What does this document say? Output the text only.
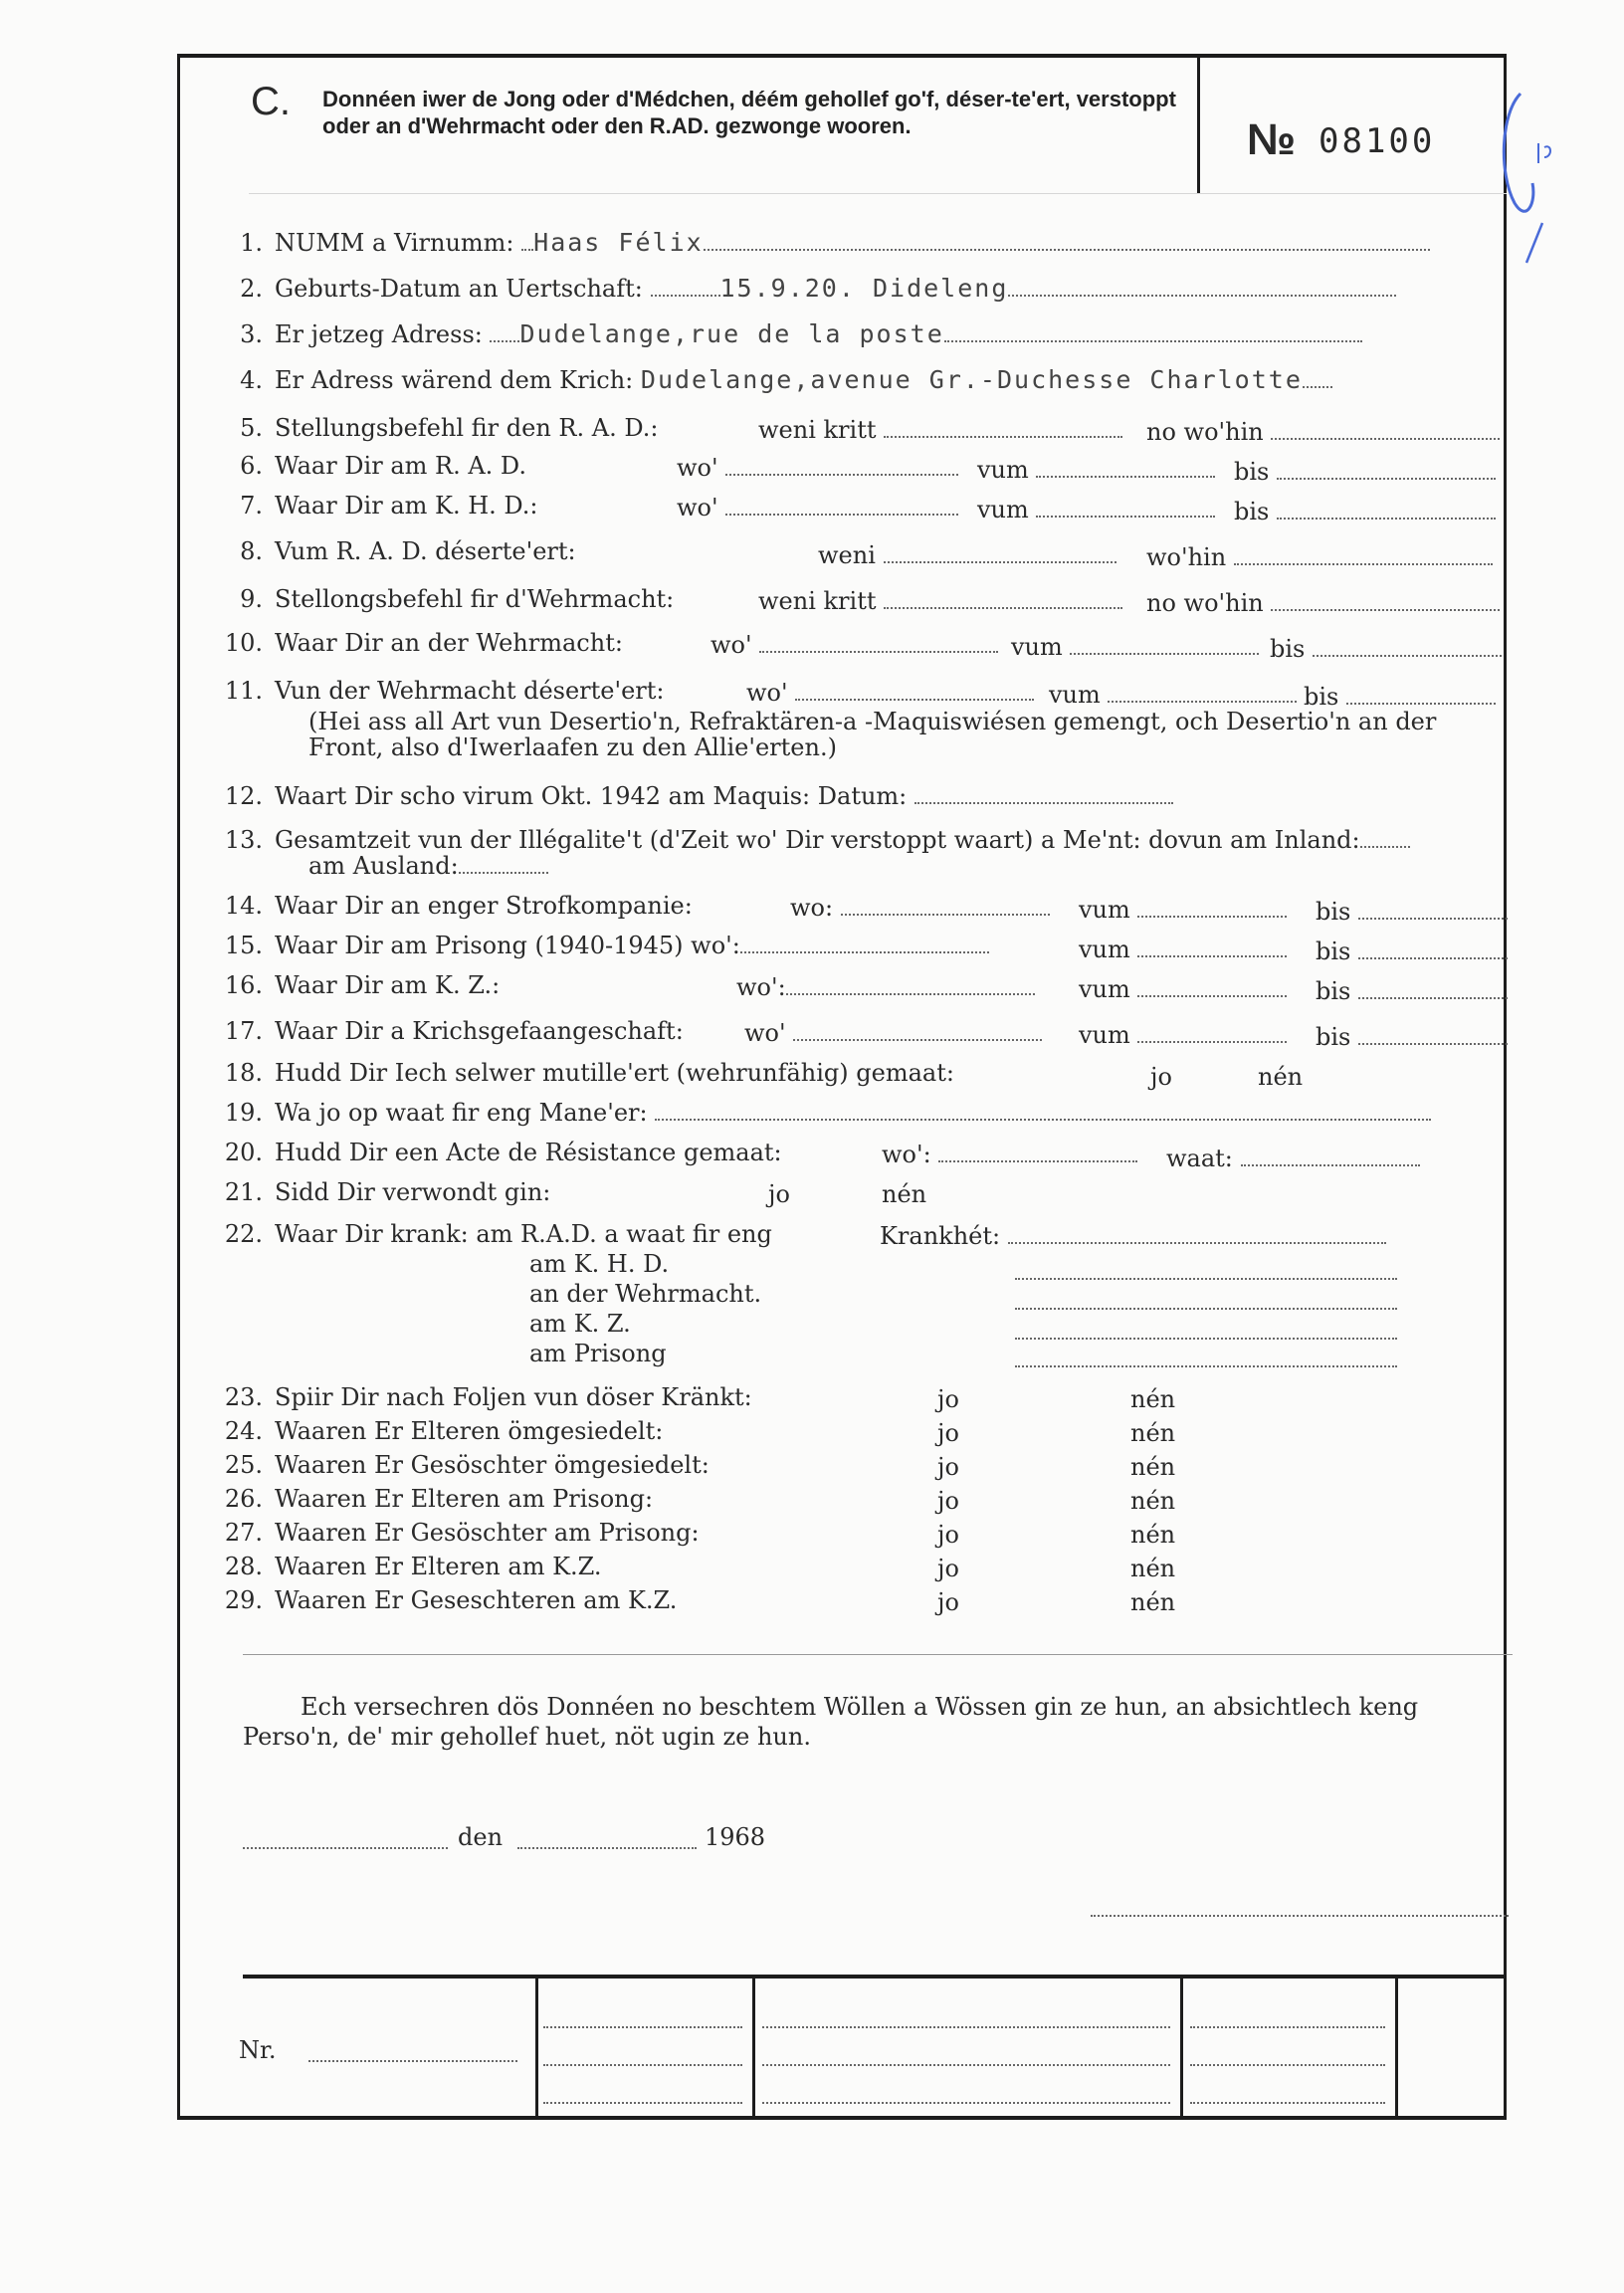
C. Donnéen iwer de Jong oder d'Médchen, déém gehollef go'f, déser-te'ert, verstoppt oder an d'Wehrmacht oder den R.AD. gezwonge wooren.	№ 08100
1. NUMM a Virnumm: Haas Félix
2. Geburts-Datum an Uertschaft:	15.9.20. Dideleng
3. Er jetzeg Adress: Dudelange,rue de la poste
4. Er Adress wärend dem Krich: Dudelange,avenue Gr.-Duchesse Charlotte
5. Stellungsbefehl fir den R. A. D.:	weni kritt	no wo'hin
6. Waar Dir am R. A. D.	wo'	vum	bis
7. Waar Dir am K. H. D.:	wo'	vum	bis
8. Vum R. A. D. déserte'ert:	weni	wo'hin
9. Stellongsbefehl fir d'Wehrmacht:	weni kritt	no wo'hin
10. Waar Dir an der Wehrmacht:	wo'	vum	bis
11. Vun der Wehrmacht déserte'ert:	wo'	vum	bis
(Hei ass all Art vun Desertio'n, Refraktären-a -Maquiswiésen gemengt, och Desertio'n an der
Front, also d'Iwerlaafen zu den Allie'erten.)
12. Waart Dir scho virum Okt. 1942 am Maquis: Datum:
13. Gesamtzeit vun der Illégalite't (d'Zeit wo' Dir verstoppt waart) a Me'nt: dovun am Inland:
am Ausland:
14. Waar Dir an enger Strofkompanie:	wo:	vum	bis
15. Waar Dir am Prisong (1940-1945) wo':	vum	bis
16. Waar Dir am K. Z.:	wo':	vum	bis
17. Waar Dir a Krichsgefaangeschaft:	wo'	vum	bis
18. Hudd Dir Iech selwer mutille'ert (wehrunfähig) gemaat:	jo	nén
19. Wa jo op waat fir eng Mane'er:
20. Hudd Dir een Acte de Résistance gemaat:	wo':	waat:
21. Sidd Dir verwondt gin:	jo	nén
22. Waar Dir krank: am R.A.D. a waat fir eng	Krankhét:
am K. H. D.
an der Wehrmacht.
am K. Z.
am Prisong
23. Spiir Dir nach Foljen vun döser Kränkt:	jo	nén
24. Waaren Er Elteren ömgesiedelt:	jo	nén
25. Waaren Er Gesöschter ömgesiedelt:	jo	nén
26. Waaren Er Elteren am Prisong:	jo	nén
27. Waaren Er Gesöschter am Prisong:	jo	nén
28. Waaren Er Elteren am K.Z.	jo	nén
29. Waaren Er Geseschteren am K.Z.	jo	nén
Ech versechren dös Donnéen no beschtem Wöllen a Wössen gin ze hun, an absichtlech keng Perso'n, de' mir gehollef huet, nöt ugin ze hun.
den	1968
Nr.
